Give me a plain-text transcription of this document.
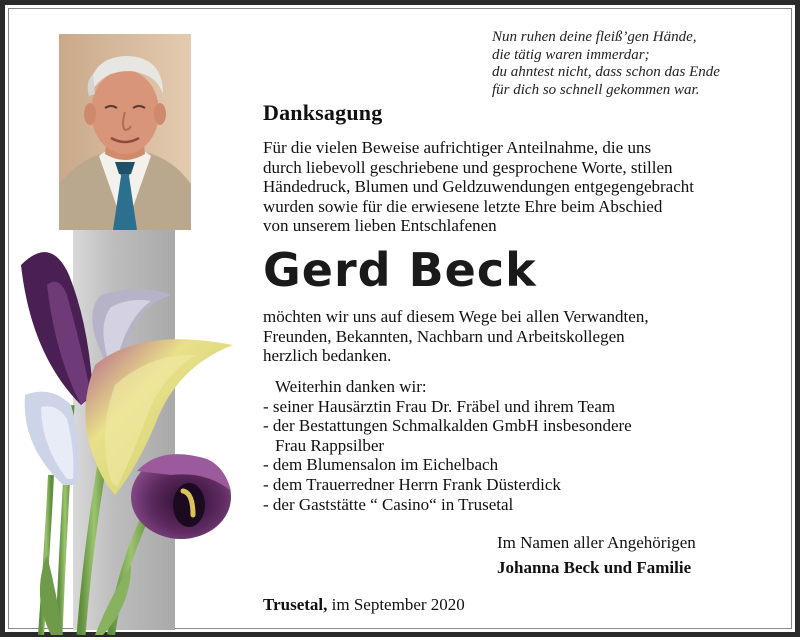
Nun ruhen deine fleiß’gen Hände,
die tätig waren immerdar;
du ahntest nicht, dass schon das Ende
für dich so schnell gekommen war.
Danksagung
Für die vielen Beweise aufrichtiger Anteilnahme, die uns
durch liebevoll geschriebene und gesprochene Worte, stillen
Händedruck, Blumen und Geldzuwendungen entgegengebracht
wurden sowie für die erwiesene letzte Ehre beim Abschied
von unserem lieben Entschlafenen
Gerd Beck
möchten wir uns auf diesem Wege bei allen Verwandten,
Freunden, Bekannten, Nachbarn und Arbeitskollegen
herzlich bedanken.
Weiterhin danken wir:
- seiner Hausärztin Frau Dr. Fräbel und ihrem Team
- der Bestattungen Schmalkalden GmbH insbesondere
Frau Rappsilber
- dem Blumensalon im Eichelbach
- dem Trauerredner Herrn Frank Düsterdick
- der Gaststätte “ Casino“ in Trusetal
Im Namen aller Angehörigen
Johanna Beck und Familie
Trusetal, im September 2020
